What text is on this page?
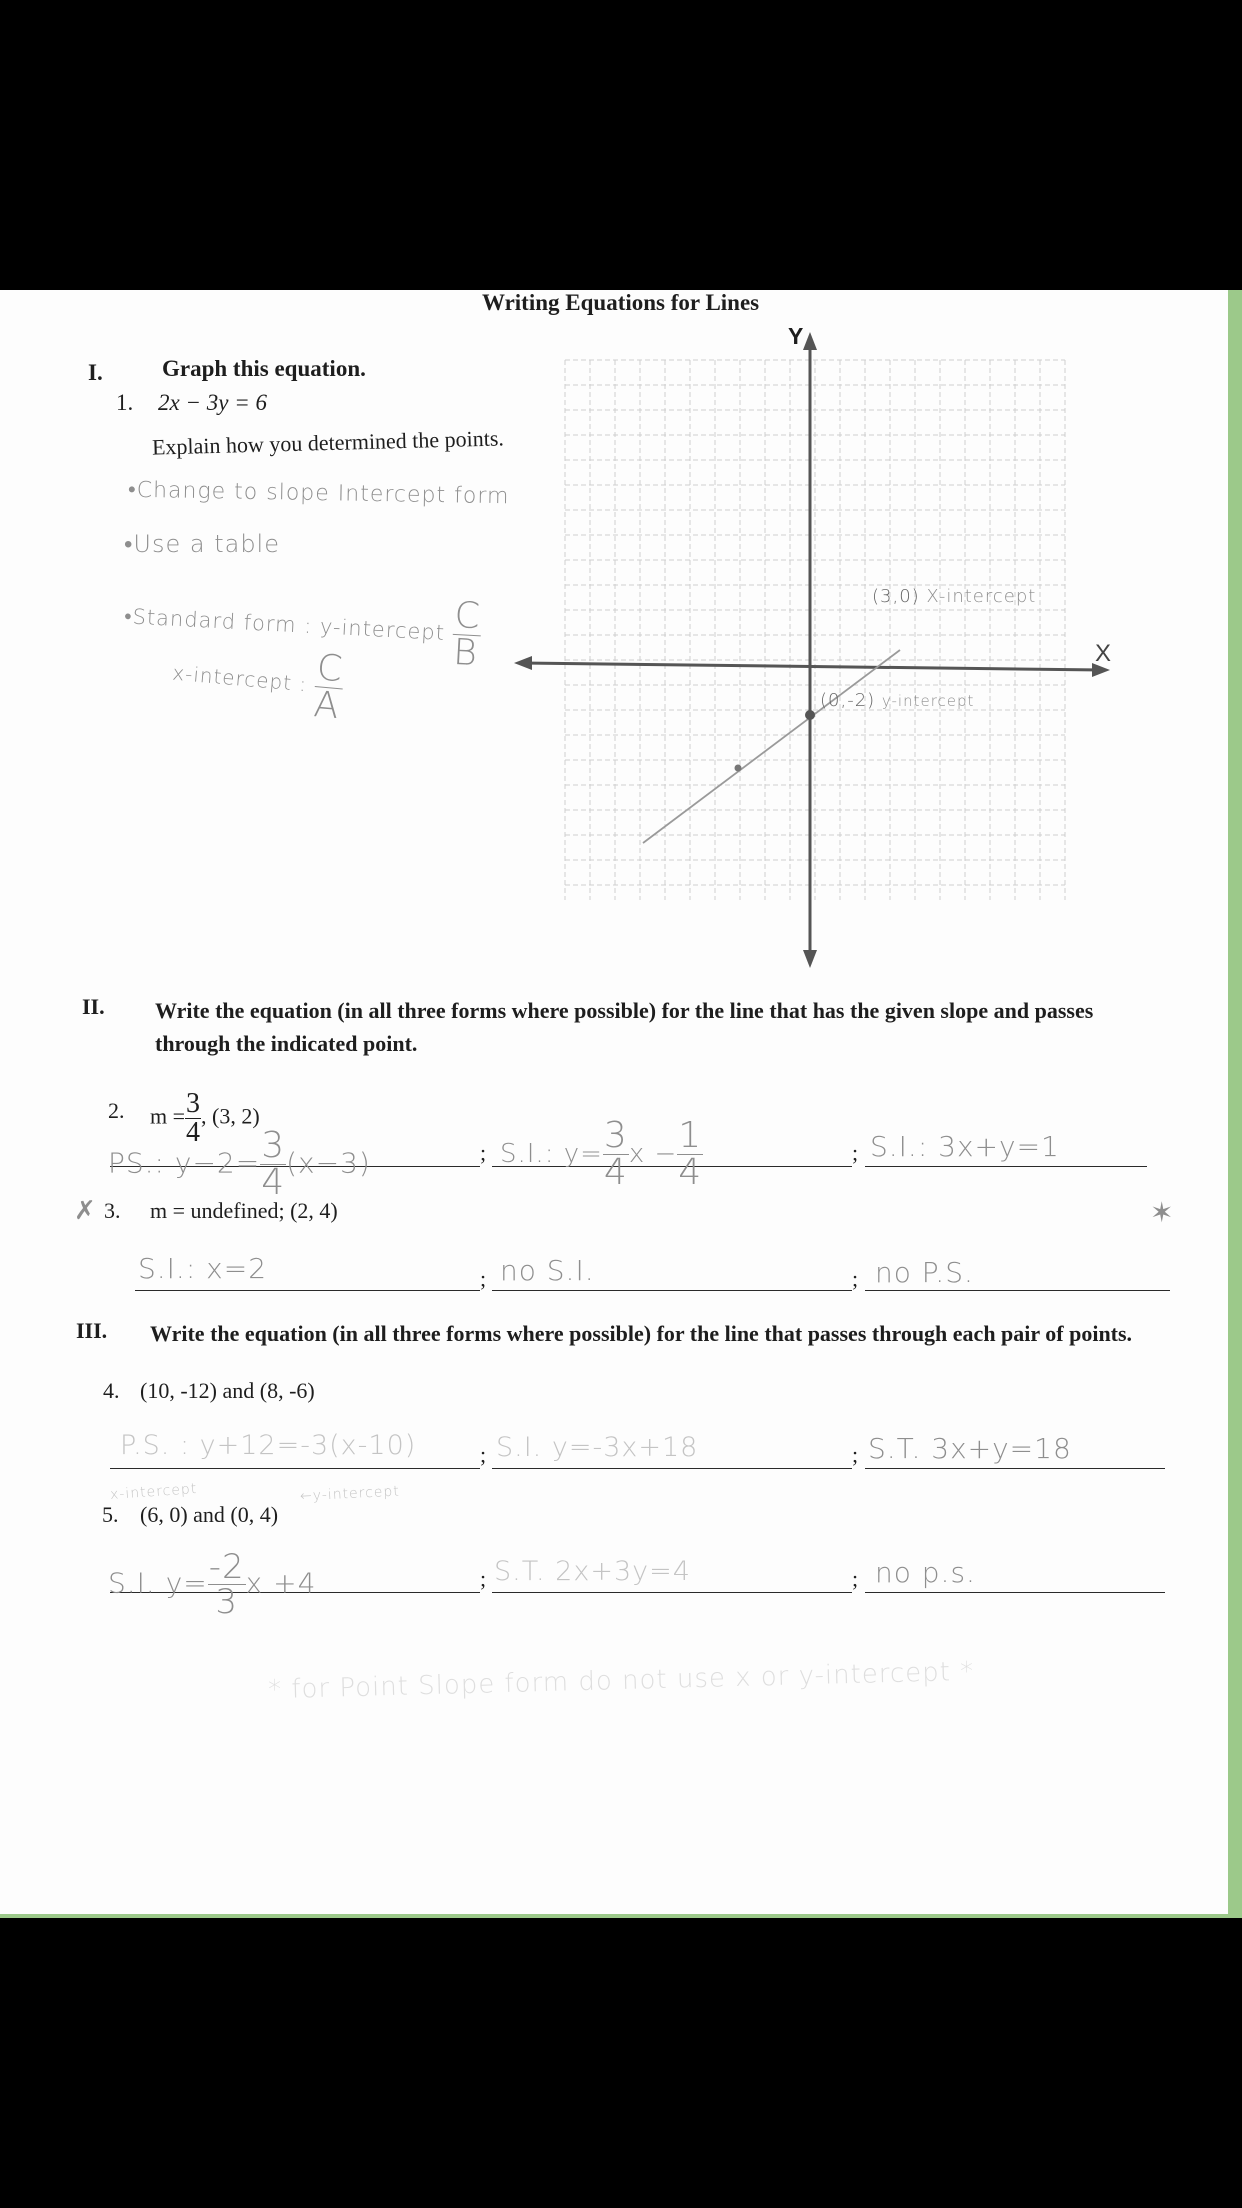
Writing Equations for Lines
I.	Graph this equation.
1. 2x − 3y = 6
Explain how you determined the points.
•Change to slope Intercept form
•Use a table
•Standard form : y-intercept $\frac{C}{B}$
x-intercept : $\frac{C}{A}$
Y
X
(3,0) X-intercept
(0,-2) y-intercept
II. Write the equation (in all three forms where possible) for the line that has the given slope and passes through the indicated point.
2. $m = \frac{3}{4}$ , (3, 2)
PS.: $y-2= \frac{3}{4} (x-3)$	; S.I.: $y= \frac{3}{4}$ $x - \frac{1}{4}$	; S.I.: 3x+y=1
✗ 3. m = undefined; (2, 4)	✶
S.I.: x=2	; no S.I.	; no P.S.
III. Write the equation (in all three forms where possible) for the line that passes through each pair of points.
4. (10, -12) and (8, -6)
P.S. : y+12=-3(x-10)	; S.I. y=-3x+18	; S.T. 3x+y=18
x-intercept	←y-intercept
5. (6, 0) and (0, 4)
S.I. $y= \frac{-2}{3}$ x +4	; S.T. 2x+3y=4	; no p.s.
* for Point Slope form do not use x or y-intercept *
